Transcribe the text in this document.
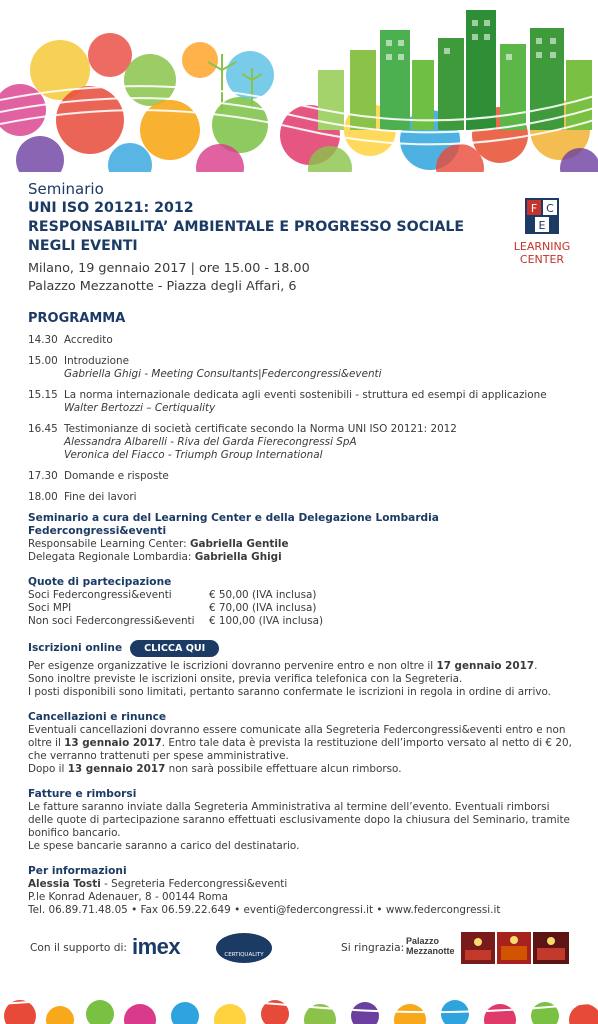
F C
E
LEARNING
CENTER
Seminario
UNI ISO 20121: 2012
RESPONSABILITA’ AMBIENTALE E PROGRESSO SOCIALE
NEGLI EVENTI
Milano, 19 gennaio 2017 | ore 15.00 - 18.00
Palazzo Mezzanotte - Piazza degli Affari, 6
PROGRAMMA
14.30 Accredito
15.00 Introduzione
Gabriella Ghigi - Meeting Consultants|Federcongressi&eventi
15.15 La norma internazionale dedicata agli eventi sostenibili - struttura ed esempi di applicazione
Walter Bertozzi – Certiquality
16.45 Testimonianze di società certificate secondo la Norma UNI ISO 20121: 2012
Alessandra Albarelli - Riva del Garda Fierecongressi SpA
Veronica del Fiacco - Triumph Group International
17.30 Domande e risposte
18.00 Fine dei lavori
Seminario a cura del Learning Center e della Delegazione Lombardia Federcongressi&eventi
Responsabile Learning Center: Gabriella Gentile
Delegata Regionale Lombardia: Gabriella Ghigi
Quote di partecipazione
Soci Federcongressi&eventi	€ 50,00 (IVA inclusa)
Soci MPI	€ 70,00 (IVA inclusa)
Non soci Federcongressi&eventi	€ 100,00 (IVA inclusa)
Iscrizioni online	CLICCA QUI
Per esigenze organizzative le iscrizioni dovranno pervenire entro e non oltre il 17 gennaio 2017.
Sono inoltre previste le iscrizioni onsite, previa verifica telefonica con la Segreteria.
I posti disponibili sono limitati, pertanto saranno confermate le iscrizioni in regola in ordine di arrivo.
Cancellazioni e rinunce
Eventuali cancellazioni dovranno essere comunicate alla Segreteria Federcongressi&eventi entro e non oltre il 13 gennaio 2017. Entro tale data è prevista la restituzione dell’importo versato al netto di € 20, che verranno trattenuti per spese amministrative.
Dopo il 13 gennaio 2017 non sarà possibile effettuare alcun rimborso.
Fatture e rimborsi
Le fatture saranno inviate dalla Segreteria Amministrativa al termine dell’evento. Eventuali rimborsi delle quote di partecipazione saranno effettuati esclusivamente dopo la chiusura del Seminario, tramite bonifico bancario.
Le spese bancarie saranno a carico del destinatario.
Per informazioni
Alessia Tosti - Segreteria Federcongressi&eventi
P.le Konrad Adenauer, 8 - 00144 Roma
Tel. 06.89.71.48.05 • Fax 06.59.22.649 • eventi@federcongressi.it • www.federcongressi.it
Con il supporto di: imex	CERTIQUALITY
Si ringrazia:
Palazzo
Mezzanotte
